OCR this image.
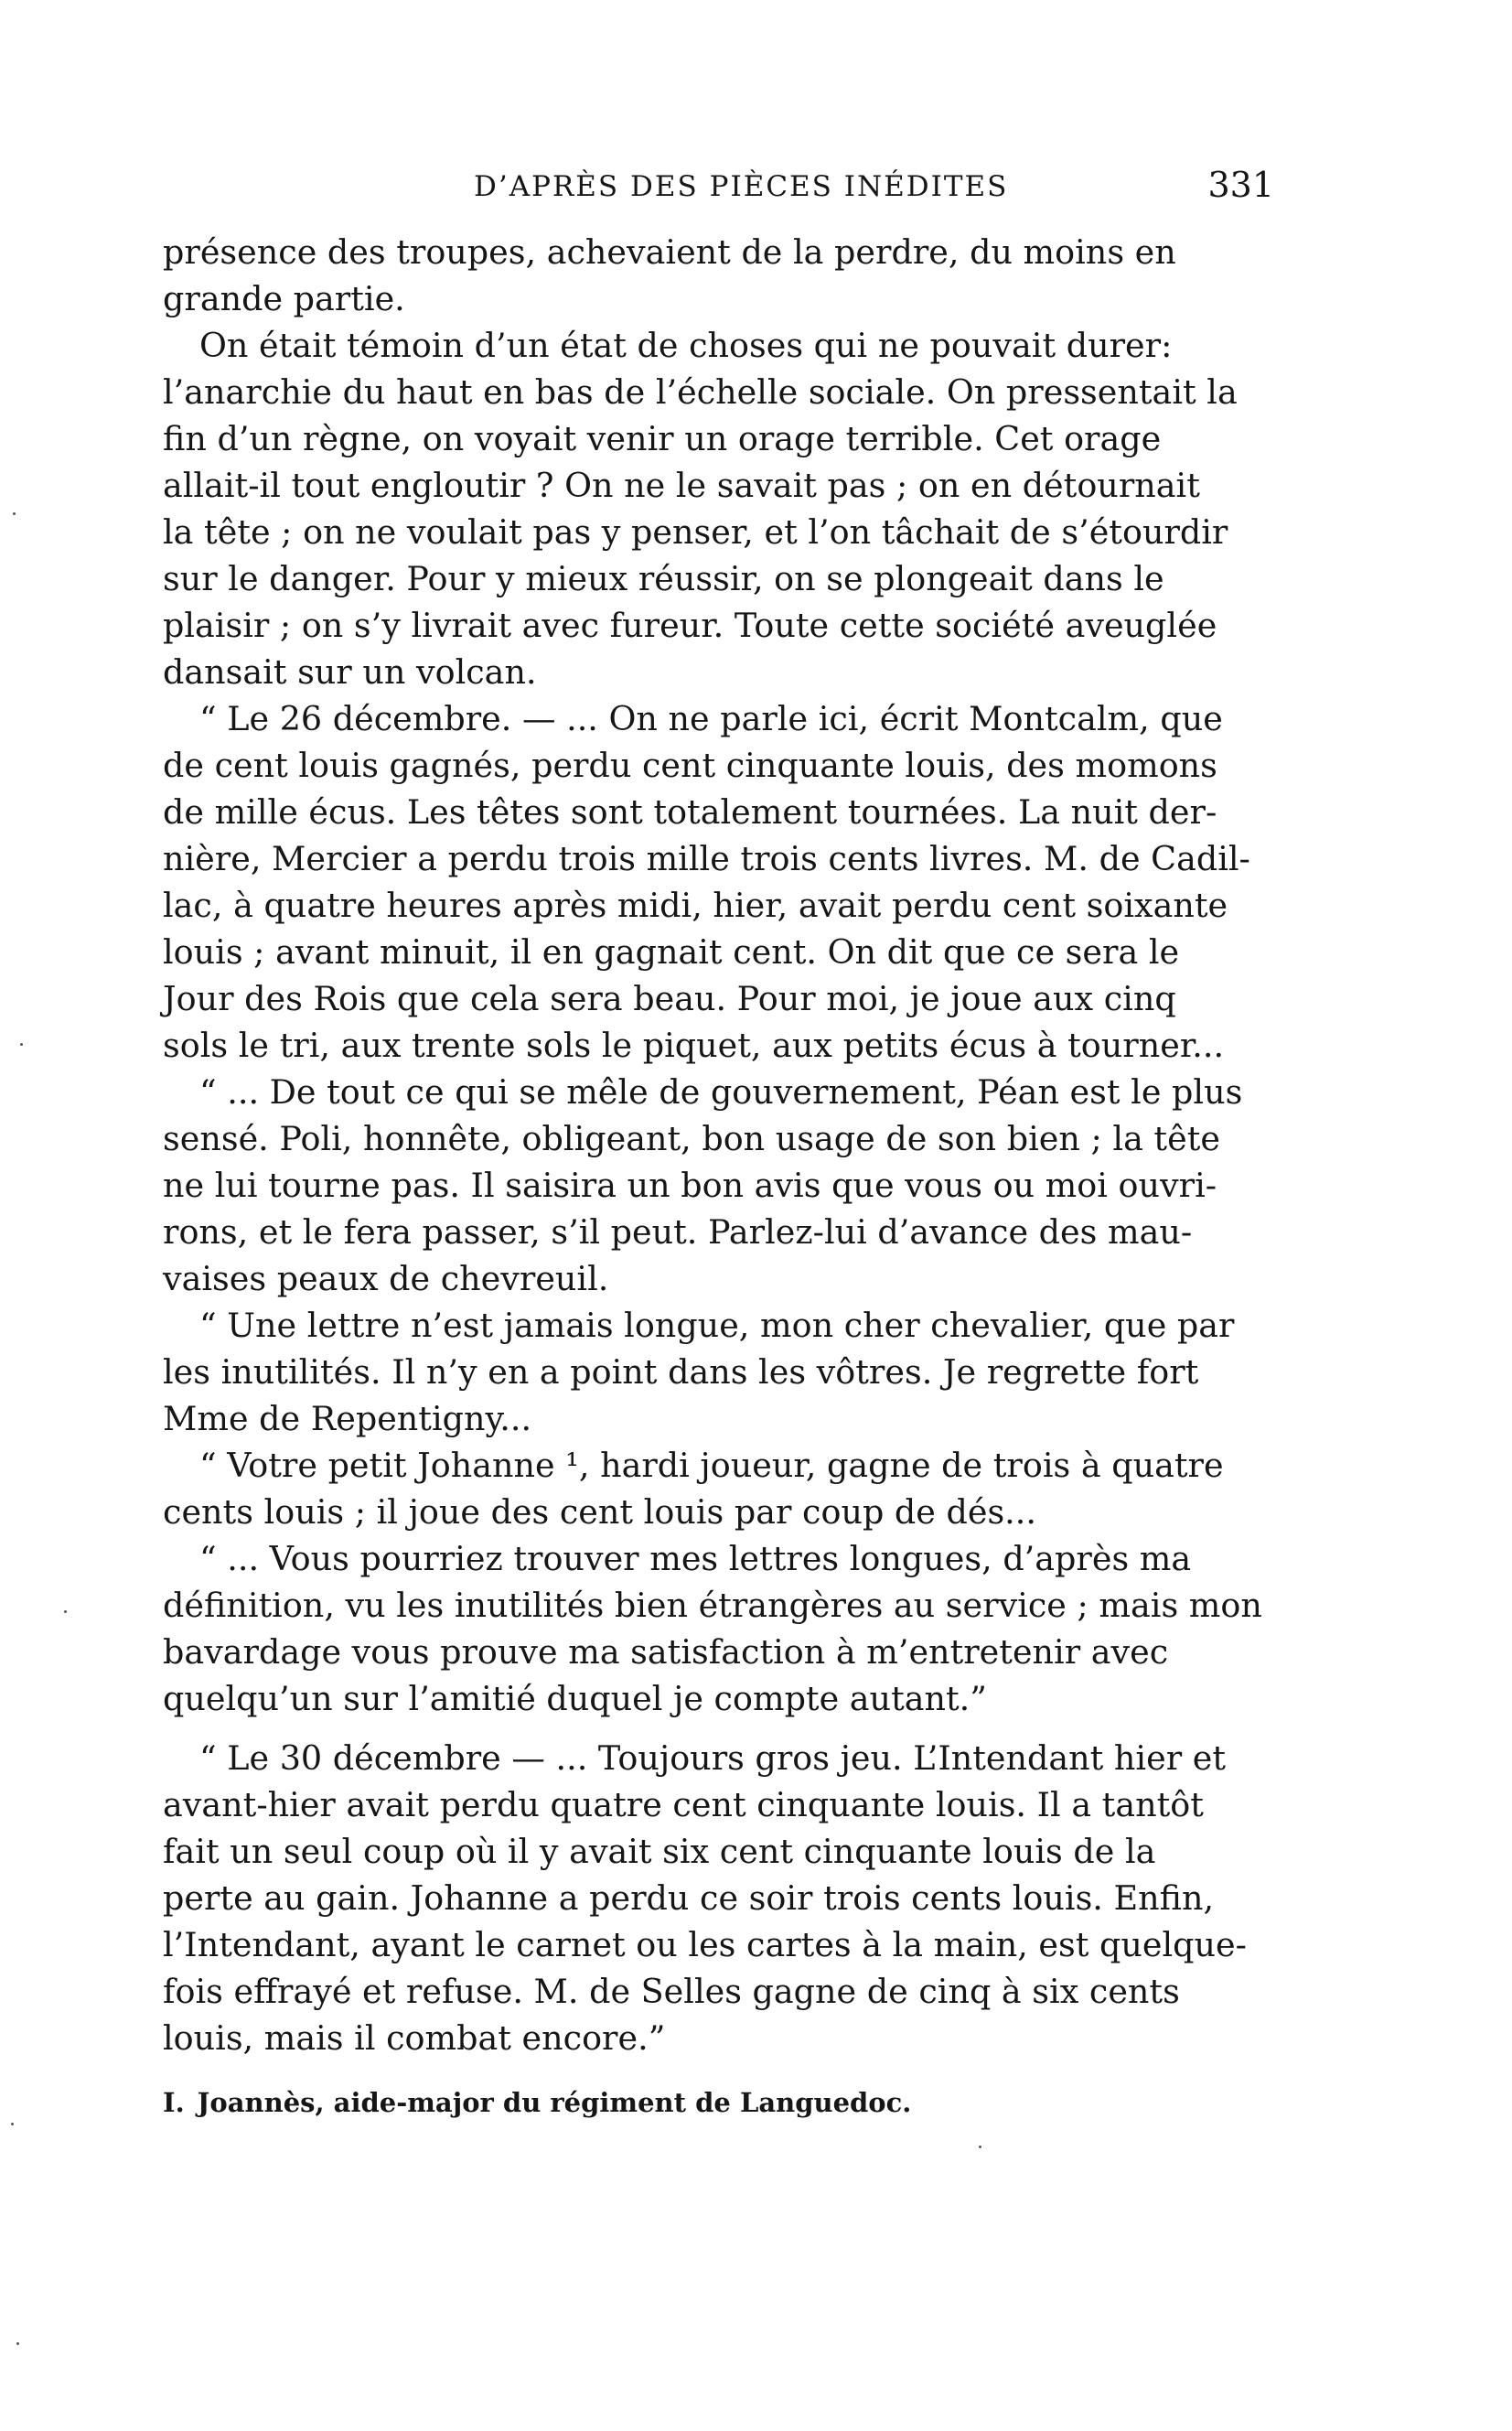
D’APRÈS DES PIÈCES INÉDITES	331

présence des troupes, achevaient de la perdre, du moins en
grande partie.

On était témoin d’un état de choses qui ne pouvait durer:
l’anarchie du haut en bas de l’échelle sociale. On pressentait la
fin d’un règne, on voyait venir un orage terrible. Cet orage
allait-il tout engloutir ? On ne le savait pas ; on en détournait
la tête ; on ne voulait pas y penser, et l’on tâchait de s’étourdir
sur le danger. Pour y mieux réussir, on se plongeait dans le
plaisir ; on s’y livrait avec fureur. Toute cette société aveuglée
dansait sur un volcan.

“ Le 26 décembre. — ... On ne parle ici, écrit Montcalm, que
de cent louis gagnés, perdu cent cinquante louis, des momons
de mille écus. Les têtes sont totalement tournées. La nuit der-
nière, Mercier a perdu trois mille trois cents livres. M. de Cadil-
lac, à quatre heures après midi, hier, avait perdu cent soixante
louis ; avant minuit, il en gagnait cent. On dit que ce sera le
Jour des Rois que cela sera beau. Pour moi, je joue aux cinq
sols le tri, aux trente sols le piquet, aux petits écus à tourner...

“ ... De tout ce qui se mêle de gouvernement, Péan est le plus
sensé. Poli, honnête, obligeant, bon usage de son bien ; la tête
ne lui tourne pas. Il saisira un bon avis que vous ou moi ouvri-
rons, et le fera passer, s’il peut. Parlez-lui d’avance des mau-
vaises peaux de chevreuil.

“ Une lettre n’est jamais longue, mon cher chevalier, que par
les inutilités. Il n’y en a point dans les vôtres. Je regrette fort
Mme de Repentigny...

“ Votre petit Johanne ¹, hardi joueur, gagne de trois à quatre
cents louis ; il joue des cent louis par coup de dés...

“ ... Vous pourriez trouver mes lettres longues, d’après ma
définition, vu les inutilités bien étrangères au service ; mais mon
bavardage vous prouve ma satisfaction à m’entretenir avec
quelqu’un sur l’amitié duquel je compte autant.”

“ Le 30 décembre — ... Toujours gros jeu. L’Intendant hier et
avant-hier avait perdu quatre cent cinquante louis. Il a tantôt
fait un seul coup où il y avait six cent cinquante louis de la
perte au gain. Johanne a perdu ce soir trois cents louis. Enfin,
l’Intendant, ayant le carnet ou les cartes à la main, est quelque-
fois effrayé et refuse. M. de Selles gagne de cinq à six cents
louis, mais il combat encore.”

I. Joannès, aide-major du régiment de Languedoc.
